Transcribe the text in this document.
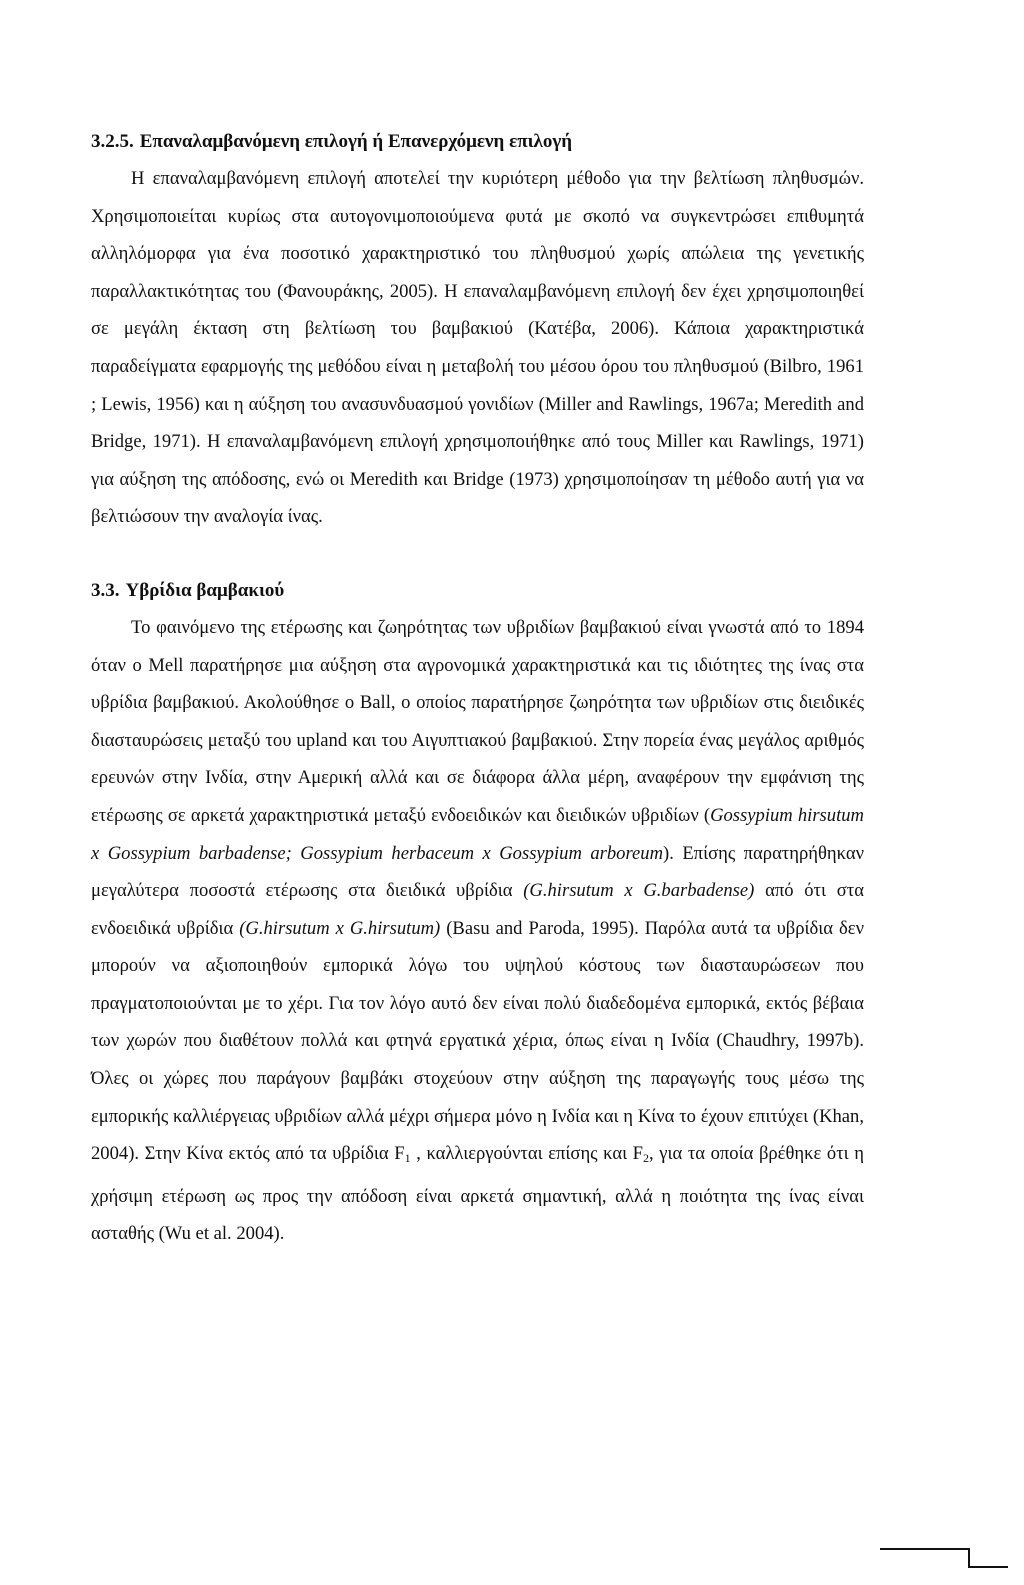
3.2.5. Επαναλαμβανόμενη επιλογή ή Επανερχόμενη επιλογή

Η επαναλαμβανόμενη επιλογή αποτελεί την κυριότερη μέθοδο για την βελτίωση πληθυσμών. Χρησιμοποιείται κυρίως στα αυτογονιμοποιούμενα φυτά με σκοπό να συγκεντρώσει επιθυμητά αλληλόμορφα για ένα ποσοτικό χαρακτηριστικό του πληθυσμού χωρίς απώλεια της γενετικής παραλλακτικότητας του (Φανουράκης, 2005). Η επαναλαμβανόμενη επιλογή δεν έχει χρησιμοποιηθεί σε μεγάλη έκταση στη βελτίωση του βαμβακιού (Κατέβα, 2006). Κάποια χαρακτηριστικά παραδείγματα εφαρμογής της μεθόδου είναι η μεταβολή του μέσου όρου του πληθυσμού (Bilbro, 1961 ; Lewis, 1956) και η αύξηση του ανασυνδυασμού γονιδίων (Miller and Rawlings, 1967a; Meredith and Bridge, 1971). Η επαναλαμβανόμενη επιλογή χρησιμοποιήθηκε από τους Miller και Rawlings, 1971) για αύξηση της απόδοσης, ενώ οι Meredith και Bridge (1973) χρησιμοποίησαν τη μέθοδο αυτή για να βελτιώσουν την αναλογία ίνας.

3.3. Υβρίδια βαμβακιού

Το φαινόμενο της ετέρωσης και ζωηρότητας των υβριδίων βαμβακιού είναι γνωστά από το 1894 όταν ο Mell παρατήρησε μια αύξηση στα αγρονομικά χαρακτηριστικά και τις ιδιότητες της ίνας στα υβρίδια βαμβακιού. Ακολούθησε ο Ball, ο οποίος παρατήρησε ζωηρότητα των υβριδίων στις διειδικές διασταυρώσεις μεταξύ του upland και του Αιγυπτιακού βαμβακιού. Στην πορεία ένας μεγάλος αριθμός ερευνών στην Ινδία, στην Αμερική αλλά και σε διάφορα άλλα μέρη, αναφέρουν την εμφάνιση της ετέρωσης σε αρκετά χαρακτηριστικά μεταξύ ενδοειδικών και διειδικών υβριδίων (Gossypium hirsutum x Gossypium barbadense; Gossypium herbaceum x Gossypium arboreum). Επίσης παρατηρήθηκαν μεγαλύτερα ποσοστά ετέρωσης στα διειδικά υβρίδια (G.hirsutum x G.barbadense) από ότι στα ενδοειδικά υβρίδια (G.hirsutum x G.hirsutum) (Basu and Paroda, 1995). Παρόλα αυτά τα υβρίδια δεν μπορούν να αξιοποιηθούν εμπορικά λόγω του υψηλού κόστους των διασταυρώσεων που πραγματοποιούνται με το χέρι. Για τον λόγο αυτό δεν είναι πολύ διαδεδομένα εμπορικά, εκτός βέβαια των χωρών που διαθέτουν πολλά και φτηνά εργατικά χέρια, όπως είναι η Ινδία (Chaudhry, 1997b). Όλες οι χώρες που παράγουν βαμβάκι στοχεύουν στην αύξηση της παραγωγής τους μέσω της εμπορικής καλλιέργειας υβριδίων αλλά μέχρι σήμερα μόνο η Ινδία και η Κίνα το έχουν επιτύχει (Khan, 2004). Στην Κίνα εκτός από τα υβρίδια $F_1$ , καλλιεργούνται επίσης και $F_2$, για τα οποία βρέθηκε ότι η χρήσιμη ετέρωση ως προς την απόδοση είναι αρκετά σημαντική, αλλά η ποιότητα της ίνας είναι ασταθής (Wu et al. 2004).
